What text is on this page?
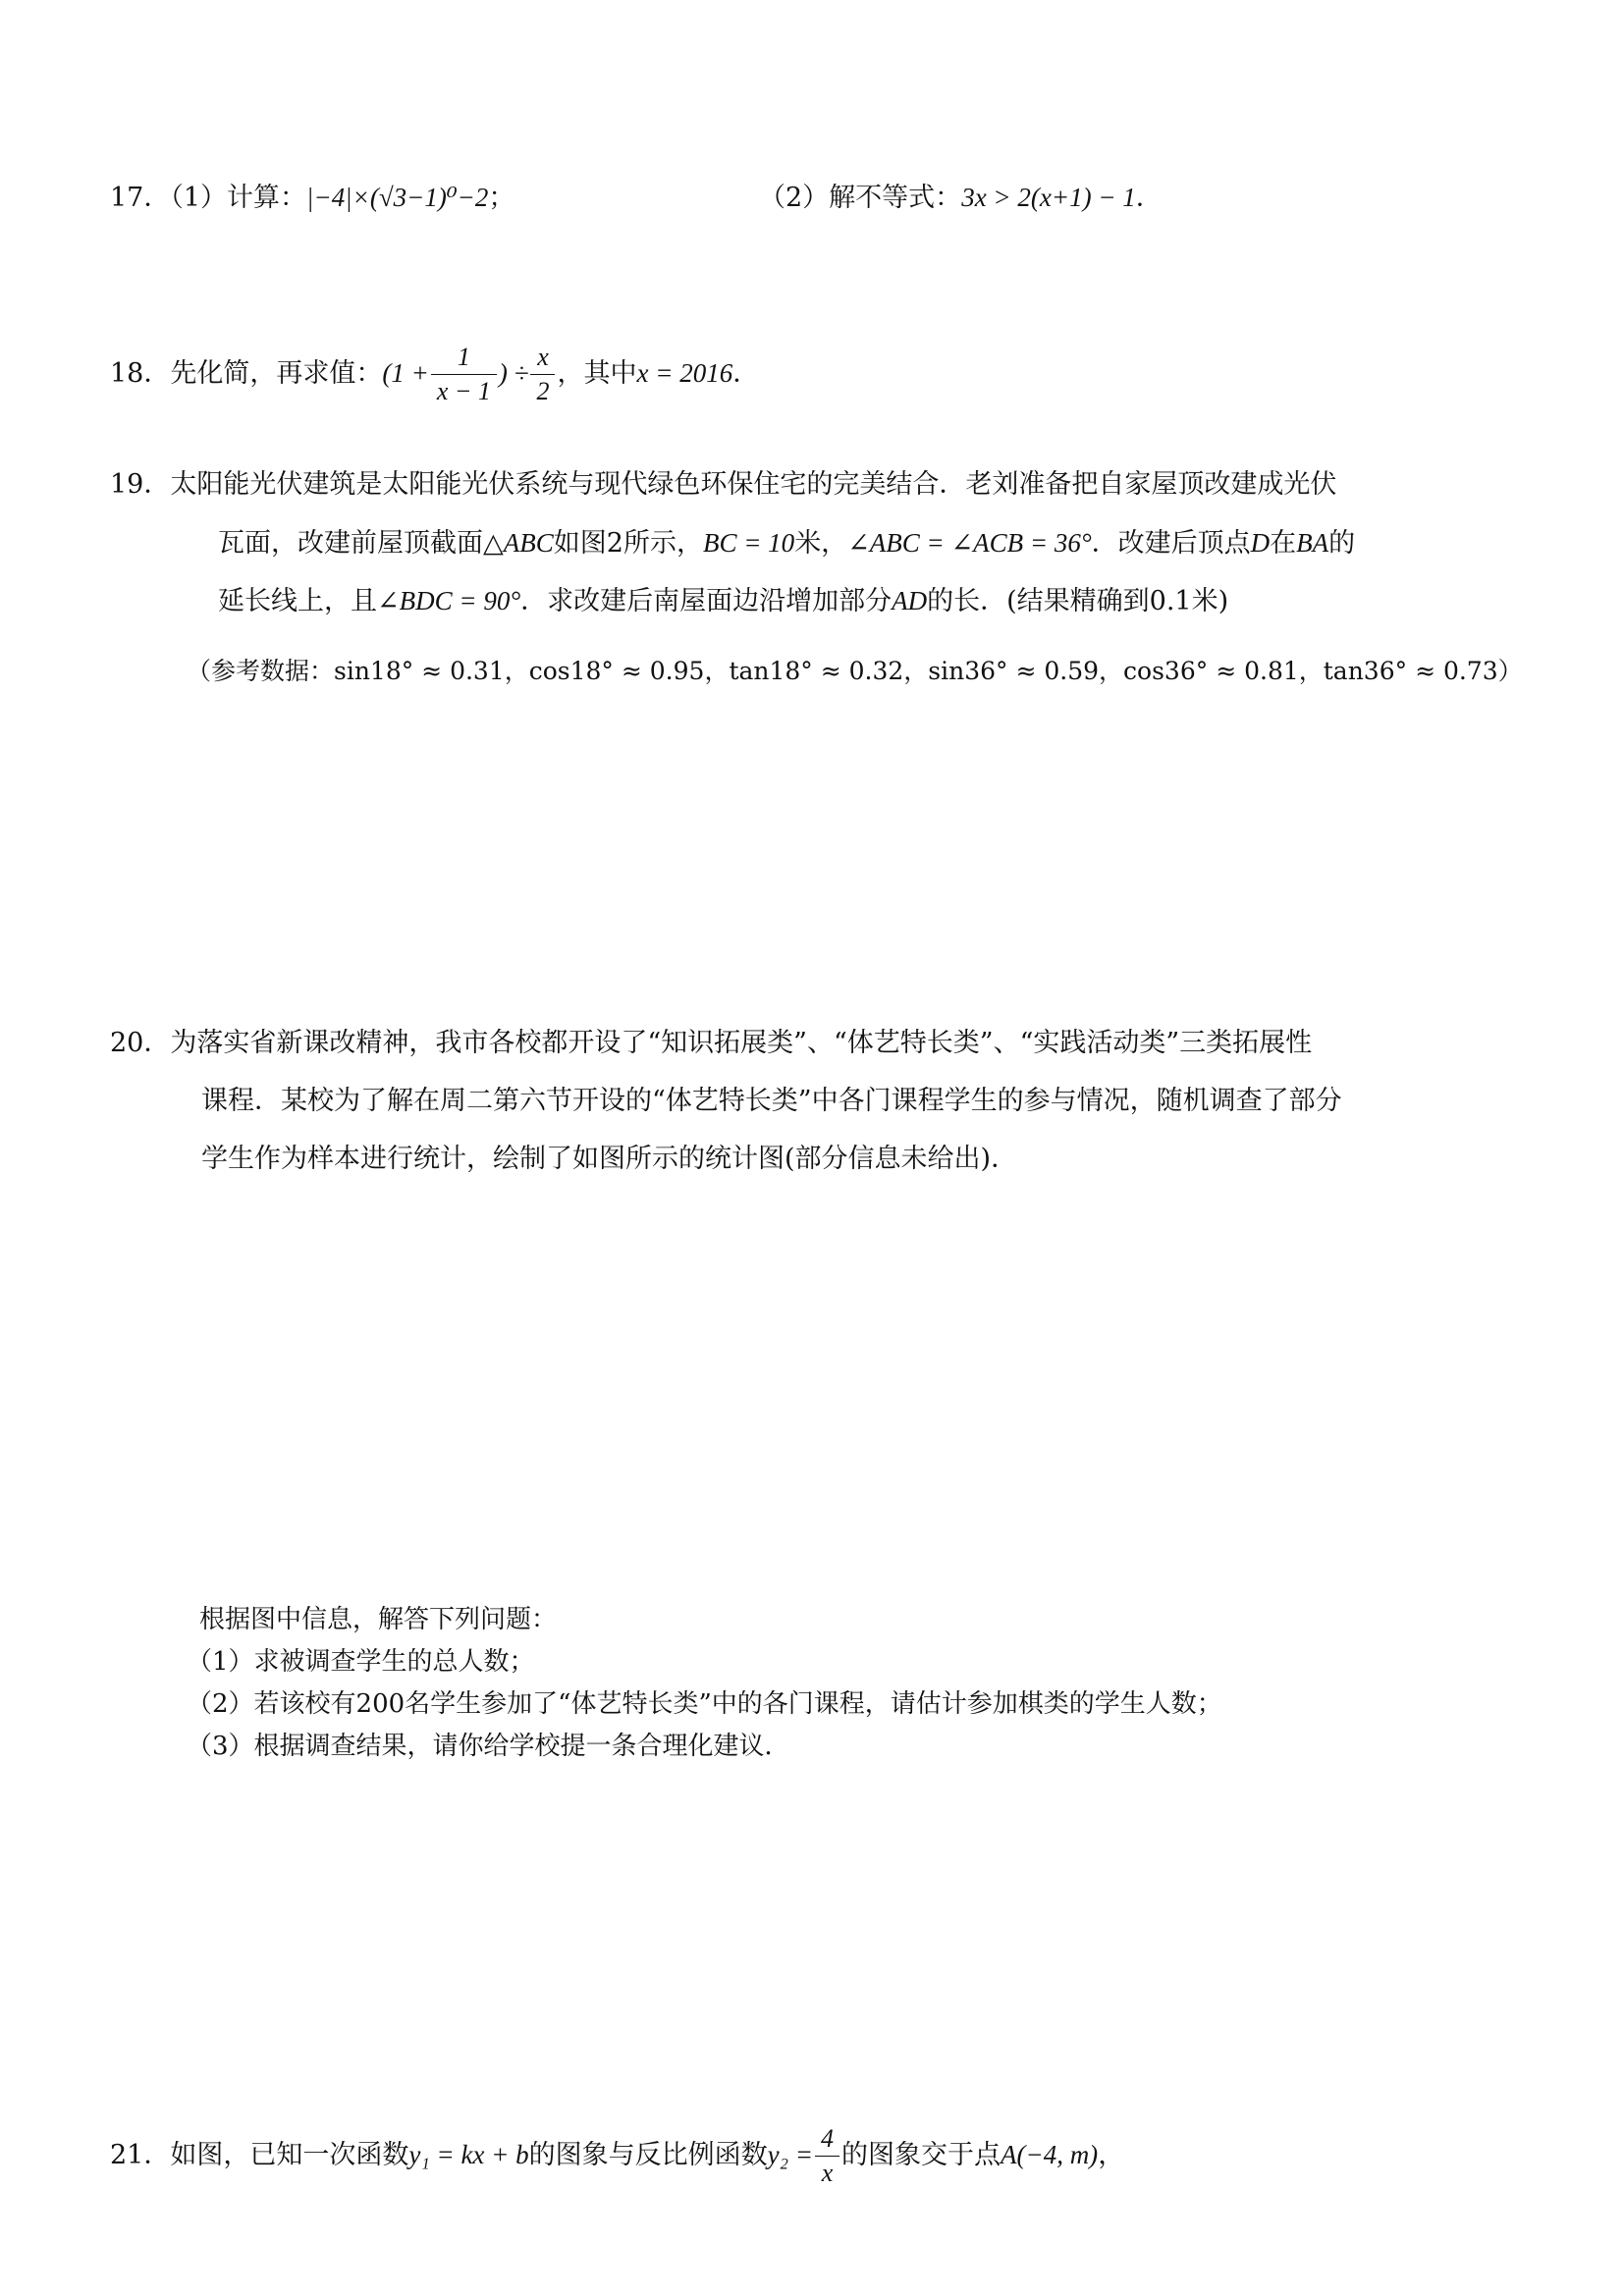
17．（1）计算：|−4|×(√3−1)⁰−2；	（2）解不等式：3x > 2(x+1) − 1．
18．先化简，再求值：($1 + \frac{1}{x - 1}$ ) ÷ $\frac{x}{2}$ ，其中x = 2016．
19．太阳能光伏建筑是太阳能光伏系统与现代绿色环保住宅的完美结合．老刘准备把自家屋顶改建成光伏
瓦面，改建前屋顶截面△ABC如图2所示，BC = 10米，∠ABC = ∠ACB = 36°．改建后顶点D在BA的
延长线上，且∠BDC = 90°．求改建后南屋面边沿增加部分AD的长．(结果精确到0.1米)
（参考数据：sin18° ≈ 0.31，cos18° ≈ 0.95，tan18° ≈ 0.32，sin36° ≈ 0.59，cos36° ≈ 0.81，tan36° ≈ 0.73）
20．为落实省新课改精神，我市各校都开设了“知识拓展类”、“体艺特长类”、“实践活动类”三类拓展性
课程．某校为了解在周二第六节开设的“体艺特长类”中各门课程学生的参与情况，随机调查了部分
学生作为样本进行统计，绘制了如图所示的统计图(部分信息未给出)．
根据图中信息，解答下列问题：
（1）求被调查学生的总人数；
（2）若该校有200名学生参加了“体艺特长类”中的各门课程，请估计参加棋类的学生人数；
（3）根据调查结果，请你给学校提一条合理化建议．
21．如图，已知一次函数y₁ = kx + b的图象与反比例函数$y_2 = \frac{4}{x}$ 的图象交于点A(−4, m)，
